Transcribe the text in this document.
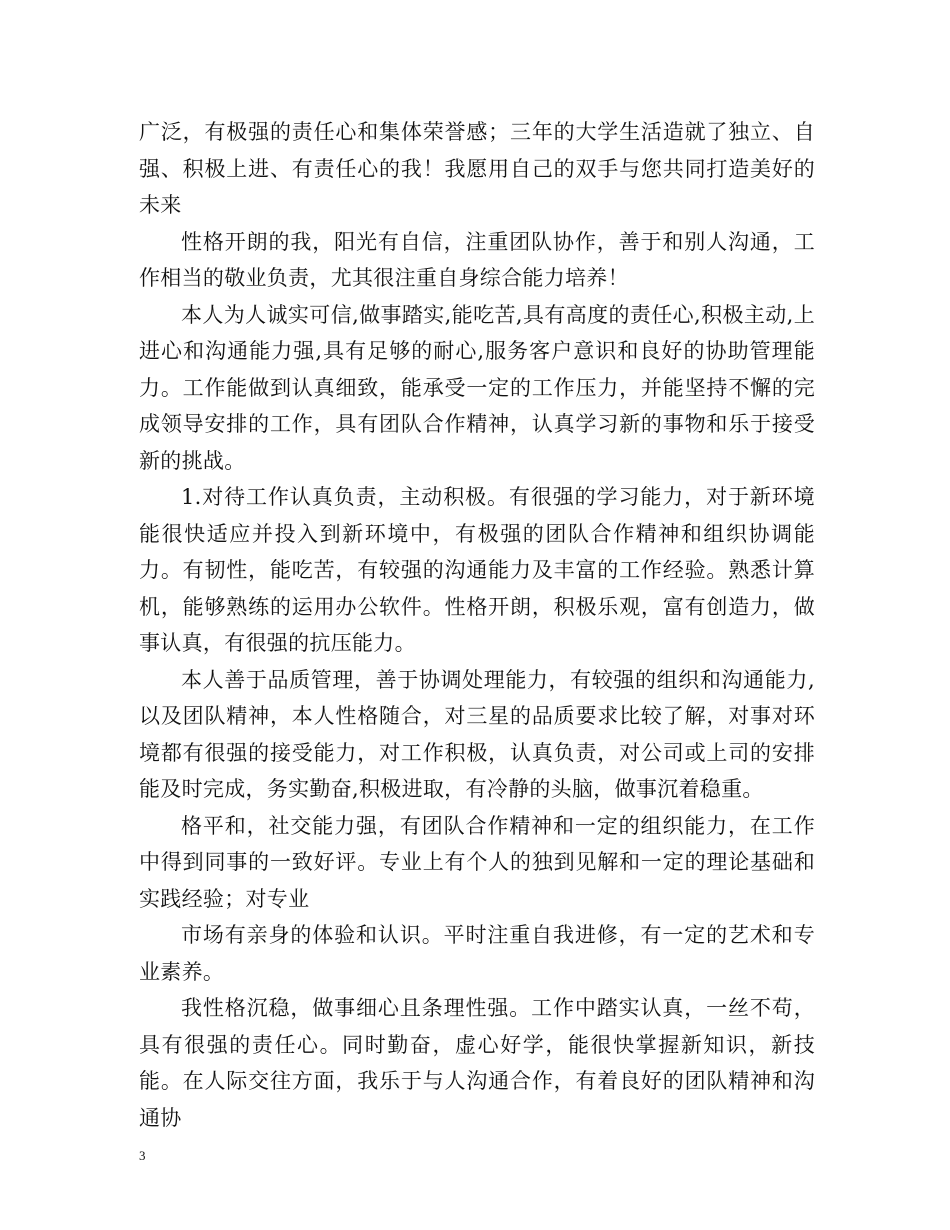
广泛，有极强的责任心和集体荣誉感；三年的大学生活造就了独立、自强、积极上进、有责任心的我！我愿用自己的双手与您共同打造美好的未来

性格开朗的我，阳光有自信，注重团队协作，善于和别人沟通，工作相当的敬业负责，尤其很注重自身综合能力培养！

本人为人诚实可信,做事踏实,能吃苦,具有高度的责任心,积极主动,上进心和沟通能力强,具有足够的耐心,服务客户意识和良好的协助管理能力。工作能做到认真细致，能承受一定的工作压力，并能坚持不懈的完成领导安排的工作，具有团队合作精神，认真学习新的事物和乐于接受新的挑战。

1.对待工作认真负责，主动积极。有很强的学习能力，对于新环境能很快适应并投入到新环境中，有极强的团队合作精神和组织协调能力。有韧性，能吃苦，有较强的沟通能力及丰富的工作经验。熟悉计算机，能够熟练的运用办公软件。性格开朗，积极乐观，富有创造力，做事认真，有很强的抗压能力。

本人善于品质管理，善于协调处理能力，有较强的组织和沟通能力,以及团队精神，本人性格随合，对三星的品质要求比较了解，对事对环境都有很强的接受能力，对工作积极，认真负责，对公司或上司的安排能及时完成，务实勤奋,积极进取，有冷静的头脑，做事沉着稳重。

格平和，社交能力强，有团队合作精神和一定的组织能力，在工作中得到同事的一致好评。专业上有个人的独到见解和一定的理论基础和实践经验；对专业

市场有亲身的体验和认识。平时注重自我进修，有一定的艺术和专业素养。

我性格沉稳，做事细心且条理性强。工作中踏实认真，一丝不苟，具有很强的责任心。同时勤奋，虚心好学，能很快掌握新知识，新技能。在人际交往方面，我乐于与人沟通合作，有着良好的团队精神和沟通协

3
